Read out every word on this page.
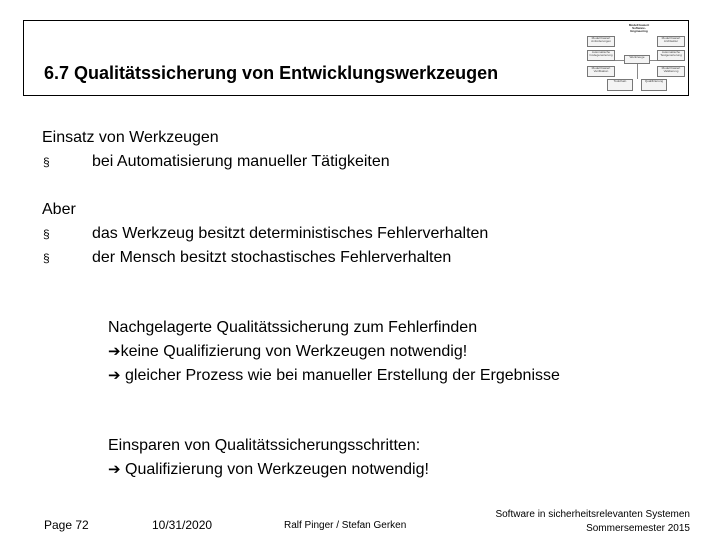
6.7 Qualitätssicherung von Entwicklungswerkzeugen
Modell basiert Software-Engineering
Modell basiert Anforderungen
Modell basiert Architektur
Automatische Codegenerierung
Automatische Testgenerierung
Werkzeuge
Modell basiert Verifikation
Modell basiert Validierung
Toolchain	Qualifizierung
Einsatz von Werkzeugen
§	bei Automatisierung manueller Tätigkeiten
Aber
§	das Werkzeug besitzt deterministisches Fehlerverhalten
§	der Mensch besitzt stochastisches Fehlerverhalten
Nachgelagerte Qualitätssicherung zum Fehlerfinden
➔keine Qualifizierung von Werkzeugen notwendig!
➔ gleicher Prozess wie bei manueller Erstellung der Ergebnisse
Einsparen von Qualitätssicherungsschritten:
➔ Qualifizierung von Werkzeugen notwendig!
Page 72	10/31/2020	Ralf Pinger / Stefan Gerken
Software in sicherheitsrelevanten Systemen
Sommersemester 2015
